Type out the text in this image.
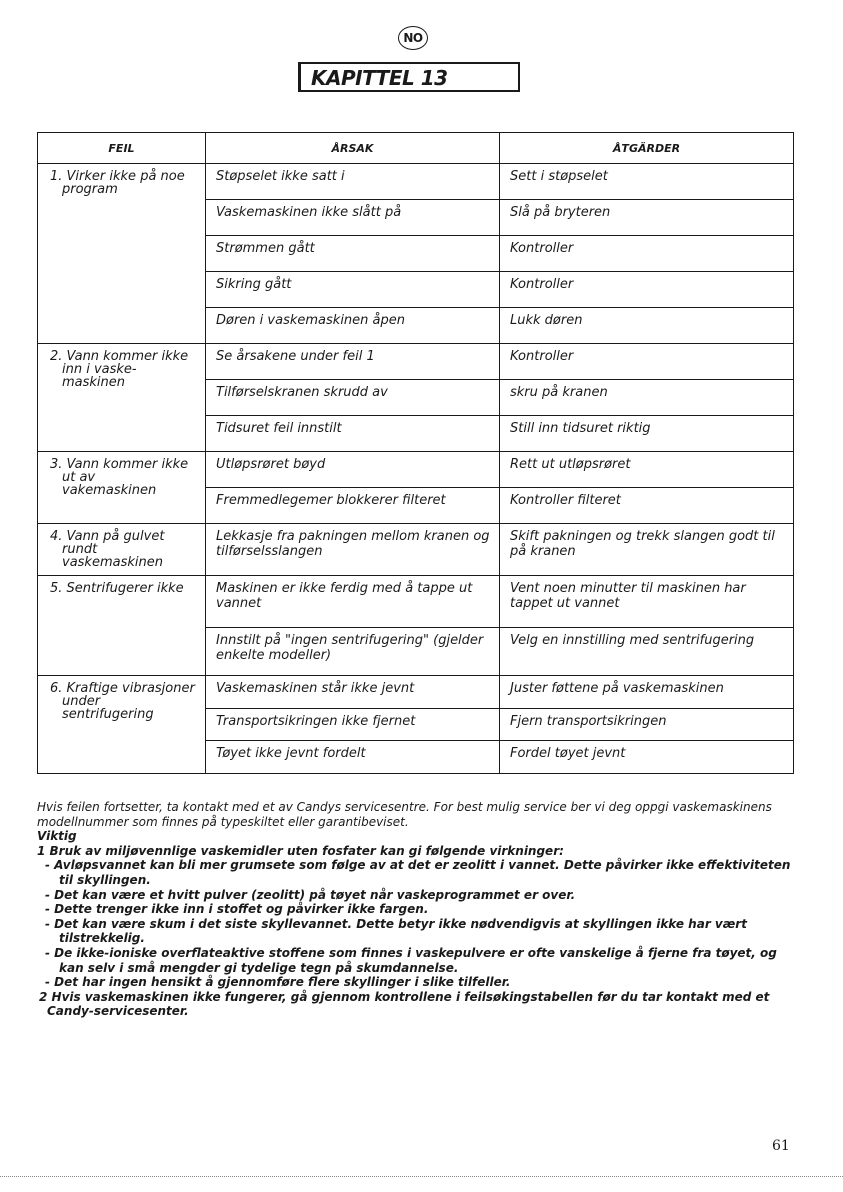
NO
KAPITTEL 13
FEIL	ÅRSAK	ÅTGÄRDER

1. Virker ikke på noe
program	Støpselet ikke satt i	Sett i støpselet
	Vaskemaskinen ikke slått på	Slå på bryteren
	Strømmen gått	Kontroller
	Sikring gått	Kontroller
	Døren i vaskemaskinen åpen	Lukk døren

2. Vann kommer ikke
inn i vaske-
maskinen	Se årsakene under feil 1	Kontroller
	Tilførselskranen skrudd av	skru på kranen
	Tidsuret feil innstilt	Still inn tidsuret riktig

3. Vann kommer ikke
ut av
vakemaskinen	Utløpsrøret bøyd	Rett ut utløpsrøret
	Fremmedlegemer blokkerer filteret	Kontroller filteret

4. Vann på gulvet
rundt
vaskemaskinen	Lekkasje fra pakningen mellom kranen og tilførselsslangen	Skift pakningen og trekk slangen godt til på kranen

5. Sentrifugerer ikke	Maskinen er ikke ferdig med å tappe ut vannet	Vent noen minutter til maskinen har tappet ut vannet
	Innstilt på "ingen sentrifugering" (gjelder enkelte modeller)	Velg en innstilling med sentrifugering

6. Kraftige vibrasjoner
under
sentrifugering	Vaskemaskinen står ikke jevnt	Juster føttene på vaskemaskinen
	Transportsikringen ikke fjernet	Fjern transportsikringen
	Tøyet ikke jevnt fordelt	Fordel tøyet jevnt
Hvis feilen fortsetter, ta kontakt med et av Candys servicesentre. For best mulig service ber vi deg oppgi vaskemaskinens modellnummer som finnes på typeskiltet eller garantibeviset.
Viktig
1 Bruk av miljøvennlige vaskemidler uten fosfater kan gi følgende virkninger:
- Avløpsvannet kan bli mer grumsete som følge av at det er zeolitt i vannet. Dette påvirker ikke effektiviteten til skyllingen.
- Det kan være et hvitt pulver (zeolitt) på tøyet når vaskeprogrammet er over.
- Dette trenger ikke inn i stoffet og påvirker ikke fargen.
- Det kan være skum i det siste skyllevannet. Dette betyr ikke nødvendigvis at skyllingen ikke har vært tilstrekkelig.
- De ikke-ioniske overflateaktive stoffene som finnes i vaskepulvere er ofte vanskelige å fjerne fra tøyet, og kan selv i små mengder gi tydelige tegn på skumdannelse.
- Det har ingen hensikt å gjennomføre flere skyllinger i slike tilfeller.
2 Hvis vaskemaskinen ikke fungerer, gå gjennom kontrollene i feilsøkingstabellen før du tar kontakt med et Candy-servicesenter.
61
